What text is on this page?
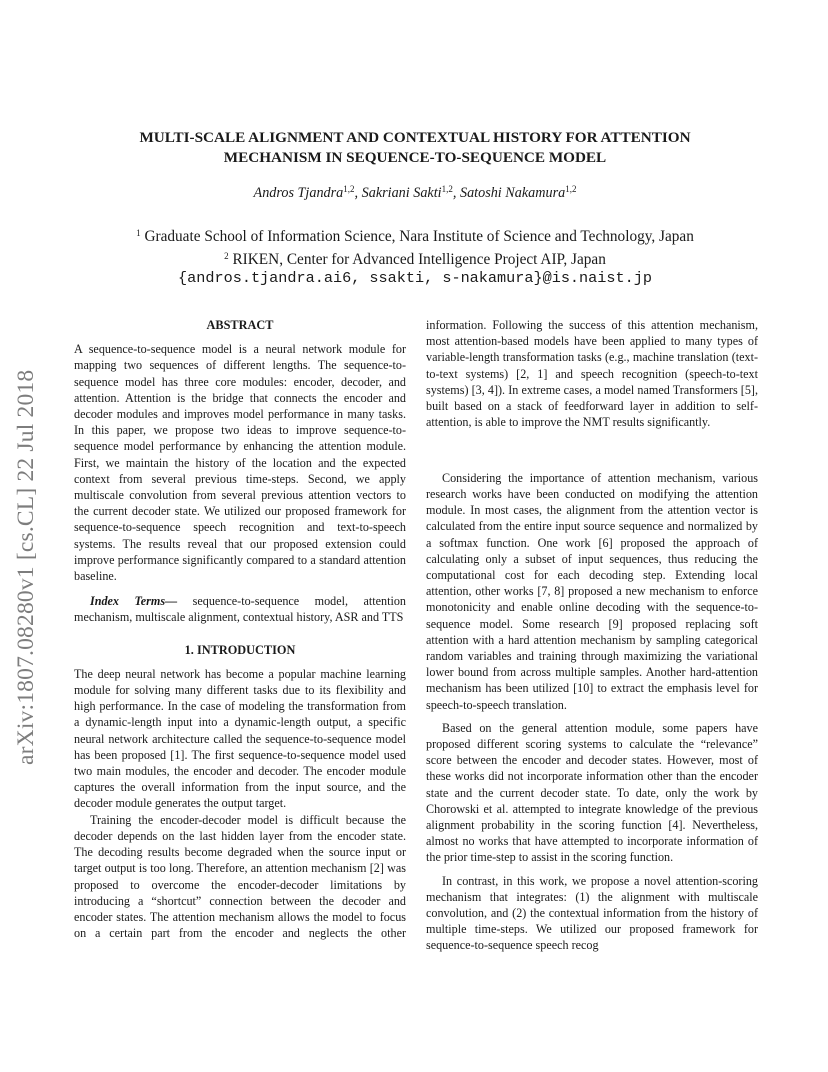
arXiv:1807.08280v1 [cs.CL] 22 Jul 2018
MULTI-SCALE ALIGNMENT AND CONTEXTUAL HISTORY FOR ATTENTION
MECHANISM IN SEQUENCE-TO-SEQUENCE MODEL
Andros Tjandra$^{1,2}$, Sakriani Sakti$^{1,2}$, Satoshi Nakamura$^{1,2}$
$^1$ Graduate School of Information Science, Nara Institute of Science and Technology, Japan
$^2$ RIKEN, Center for Advanced Intelligence Project AIP, Japan
{andros.tjandra.ai6, ssakti, s-nakamura}@is.naist.jp
ABSTRACT

A sequence-to-sequence model is a neural network module for mapping two sequences of different lengths. The sequence-to-sequence model has three core modules: encoder, decoder, and attention. Attention is the bridge that connects the encoder and decoder modules and improves model performance in many tasks. In this paper, we propose two ideas to improve sequence-to-sequence model performance by enhancing the attention module. First, we maintain the history of the location and the expected context from several previous time-steps. Second, we apply multiscale convolution from several previous attention vectors to the current decoder state. We utilized our proposed framework for sequence-to-sequence speech recognition and text-to-speech systems. The results reveal that our proposed extension could improve performance significantly compared to a standard attention baseline.

Index Terms— sequence-to-sequence model, attention mechanism, multiscale alignment, contextual history, ASR and TTS

1. INTRODUCTION

The deep neural network has become a popular machine learning module for solving many different tasks due to its flexibility and high performance. In the case of modeling the transformation from a dynamic-length input into a dynamic-length output, a specific neural network architecture called the sequence-to-sequence model has been proposed [1]. The first sequence-to-sequence model used two main modules, the encoder and decoder. The encoder module captures the overall information from the input source, and the decoder module generates the output target.

Training the encoder-decoder model is difficult because the decoder depends on the last hidden layer from the encoder state. The decoding results become degraded when the source input or target output is too long. Therefore, an attention mechanism [2] was proposed to overcome the encoder-decoder limitations by introducing a “shortcut” connection between the decoder and encoder states. The attention mechanism allows the model to focus on a certain part from the encoder and neglects the other

information. Following the success of this attention mechanism, most attention-based models have been applied to many types of variable-length transformation tasks (e.g., machine translation (text-to-text systems) [2, 1] and speech recognition (speech-to-text systems) [3, 4]). In extreme cases, a model named Transformers [5], built based on a stack of feedforward layer in addition to self-attention, is able to improve the NMT results significantly.

Considering the importance of attention mechanism, various research works have been conducted on modifying the attention module. In most cases, the alignment from the attention vector is calculated from the entire input source sequence and normalized by a softmax function. One work [6] proposed the approach of calculating only a subset of input sequences, thus reducing the computational cost for each decoding step. Extending local attention, other works [7, 8] proposed a new mechanism to enforce monotonicity and enable online decoding with the sequence-to-sequence model. Some research [9] proposed replacing soft attention with a hard attention mechanism by sampling categorical random variables and training through maximizing the variational lower bound from across multiple samples. Another hard-attention mechanism has been utilized [10] to extract the emphasis level for speech-to-speech translation.

Based on the general attention module, some papers have proposed different scoring systems to calculate the “relevance” score between the encoder and decoder states. However, most of these works did not incorporate information other than the encoder state and the current decoder state. To date, only the work by Chorowski et al. attempted to integrate knowledge of the previous alignment probability in the scoring function [4]. Nevertheless, almost no works that have attempted to incorporate information of the prior time-step to assist in the scoring function.

In contrast, in this work, we propose a novel attention-scoring mechanism that integrates: (1) the alignment with multiscale convolution, and (2) the contextual information from the history of multiple time-steps. We utilized our proposed framework for sequence-to-sequence speech recog
